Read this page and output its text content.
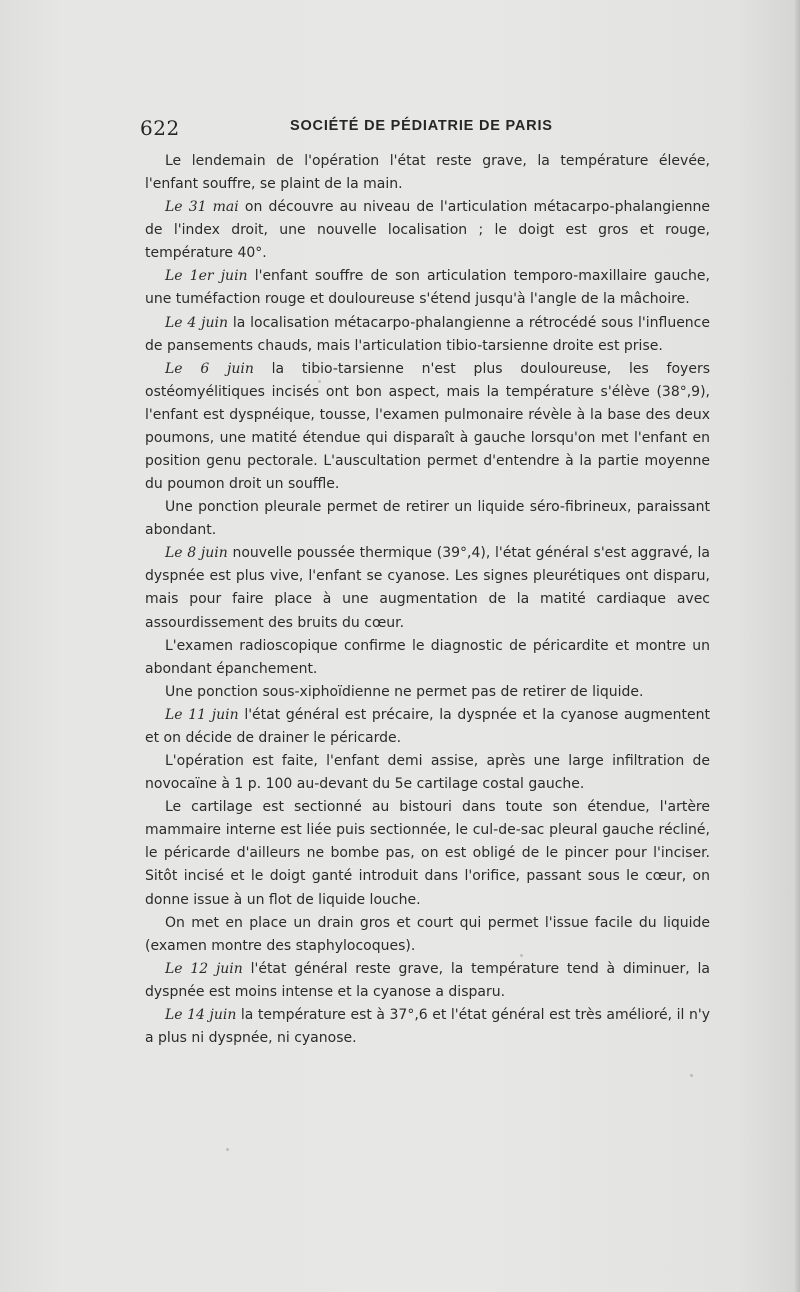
622	SOCIÉTÉ DE PÉDIATRIE DE PARIS

Le lendemain de l'opération l'état reste grave, la température élevée, l'enfant souffre, se plaint de la main.

Le 31 mai on découvre au niveau de l'articulation métacarpo-phalangienne de l'index droit, une nouvelle localisation ; le doigt est gros et rouge, température 40°.

Le 1er juin l'enfant souffre de son articulation temporo-maxillaire gauche, une tuméfaction rouge et douloureuse s'étend jusqu'à l'angle de la mâchoire.

Le 4 juin la localisation métacarpo-phalangienne a rétrocédé sous l'influence de pansements chauds, mais l'articulation tibio-tarsienne droite est prise.

Le 6 juin la tibio-tarsienne n'est plus douloureuse, les foyers ostéomyélitiques incisés ont bon aspect, mais la température s'élève (38°,9), l'enfant est dyspnéique, tousse, l'examen pulmonaire révèle à la base des deux poumons, une matité étendue qui disparaît à gauche lorsqu'on met l'enfant en position genu pectorale. L'auscultation permet d'entendre à la partie moyenne du poumon droit un souffle.

Une ponction pleurale permet de retirer un liquide séro-fibrineux, paraissant abondant.

Le 8 juin nouvelle poussée thermique (39°,4), l'état général s'est aggravé, la dyspnée est plus vive, l'enfant se cyanose. Les signes pleurétiques ont disparu, mais pour faire place à une augmentation de la matité cardiaque avec assourdissement des bruits du cœur.

L'examen radioscopique confirme le diagnostic de péricardite et montre un abondant épanchement.

Une ponction sous-xiphoïdienne ne permet pas de retirer de liquide.

Le 11 juin l'état général est précaire, la dyspnée et la cyanose augmentent et on décide de drainer le péricarde.

L'opération est faite, l'enfant demi assise, après une large infiltration de novocaïne à 1 p. 100 au-devant du 5e cartilage costal gauche.

Le cartilage est sectionné au bistouri dans toute son étendue, l'artère mammaire interne est liée puis sectionnée, le cul-de-sac pleural gauche récliné, le péricarde d'ailleurs ne bombe pas, on est obligé de le pincer pour l'inciser. Sitôt incisé et le doigt ganté introduit dans l'orifice, passant sous le cœur, on donne issue à un flot de liquide louche.

On met en place un drain gros et court qui permet l'issue facile du liquide (examen montre des staphylocoques).

Le 12 juin l'état général reste grave, la température tend à diminuer, la dyspnée est moins intense et la cyanose a disparu.

Le 14 juin la température est à 37°,6 et l'état général est très amélioré, il n'y a plus ni dyspnée, ni cyanose.
